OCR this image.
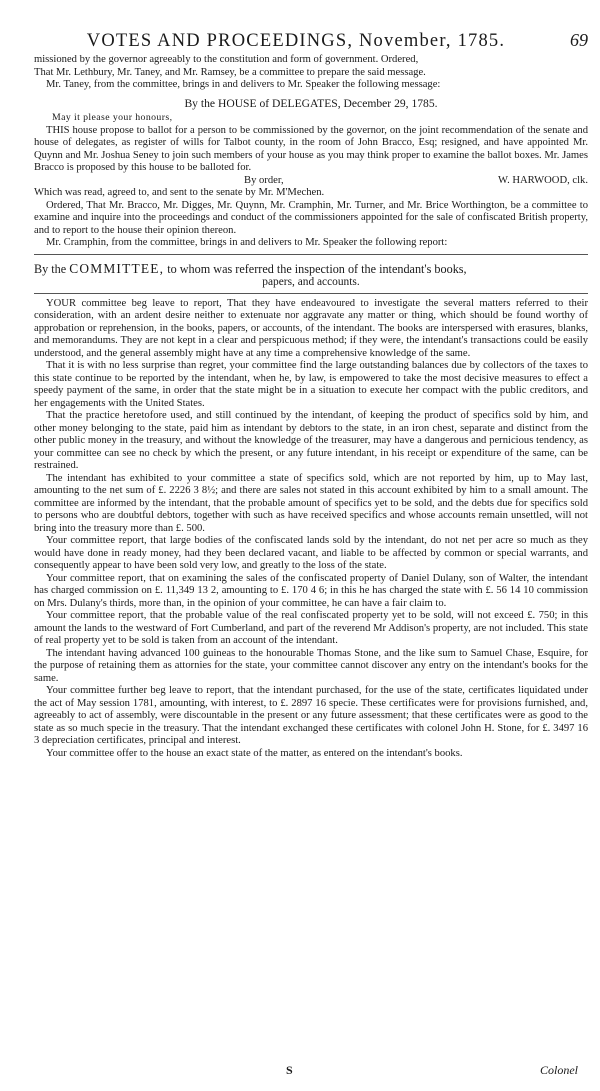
VOTES AND PROCEEDINGS, November, 1785.	69

missioned by the governor agreeably to the constitution and form of government. Ordered,

That Mr. Lethbury, Mr. Taney, and Mr. Ramsey, be a committee to prepare the said message.

Mr. Taney, from the committee, brings in and delivers to Mr. Speaker the following message:

By the HOUSE of DELEGATES, December 29, 1785.

May it please your honours,

THIS house propose to ballot for a person to be commissioned by the governor, on the joint recommendation of the senate and house of delegates, as register of wills for Talbot county, in the room of John Bracco, Esq; resigned, and have appointed Mr. Quynn and Mr. Joshua Seney to join such members of your house as you may think proper to examine the ballot boxes. Mr. James Bracco is proposed by this house to be balloted for.

By order,	W. HARWOOD, clk.

Which was read, agreed to, and sent to the senate by Mr. M'Mechen.

Ordered, That Mr. Bracco, Mr. Digges, Mr. Quynn, Mr. Cramphin, Mr. Turner, and Mr. Brice Worthington, be a committee to examine and inquire into the proceedings and conduct of the commissioners appointed for the sale of confiscated British property, and to report to the house their opinion thereon.

Mr. Cramphin, from the committee, brings in and delivers to Mr. Speaker the following report:

By the COMMITTEE, to whom was referred the inspection of the intendant's books,

papers, and accounts.

YOUR committee beg leave to report, That they have endeavoured to investigate the several matters referred to their consideration, with an ardent desire neither to extenuate nor aggravate any matter or thing, which should be found worthy of approbation or reprehension, in the books, papers, or accounts, of the intendant. The books are interspersed with erasures, blanks, and memorandums. They are not kept in a clear and perspicuous method; if they were, the intendant's transactions could be easily understood, and the general assembly might have at any time a comprehensive knowledge of the same.

That it is with no less surprise than regret, your committee find the large outstanding balances due by collectors of the taxes to this state continue to be reported by the intendant, when he, by law, is empowered to take the most decisive measures to effect a speedy payment of the same, in order that the state might be in a situation to execute her compact with the public creditors, and her engagements with the United States.

That the practice heretofore used, and still continued by the intendant, of keeping the product of specifics sold by him, and other money belonging to the state, paid him as intendant by debtors to the state, in an iron chest, separate and distinct from the other public money in the treasury, and without the knowledge of the treasurer, may have a dangerous and pernicious tendency, as your committee can see no check by which the present, or any future intendant, in his receipt or expenditure of the same, can be restrained.

The intendant has exhibited to your committee a state of specifics sold, which are not reported by him, up to May last, amounting to the net sum of £. 2226 3 8½; and there are sales not stated in this account exhibited by him to a small amount. The committee are informed by the intendant, that the probable amount of specifics yet to be sold, and the debts due for specifics sold to persons who are doubtful debtors, together with such as have received specifics and whose accounts remain unsettled, will not bring into the treasury more than £. 500.

Your committee report, that large bodies of the confiscated lands sold by the intendant, do not net per acre so much as they would have done in ready money, had they been declared vacant, and liable to be affected by common or special warrants, and consequently appear to have been sold very low, and greatly to the loss of the state.

Your committee report, that on examining the sales of the confiscated property of Daniel Dulany, son of Walter, the intendant has charged commission on £. 11,349 13 2, amounting to £. 170 4 6; in this he has charged the state with £. 56 14 10 commission on Mrs. Dulany's thirds, more than, in the opinion of your committee, he can have a fair claim to.

Your committee report, that the probable value of the real confiscated property yet to be sold, will not exceed £. 750; in this amount the lands to the westward of Fort Cumberland, and part of the reverend Mr Addison's property, are not included. This state of real property yet to be sold is taken from an account of the intendant.

The intendant having advanced 100 guineas to the honourable Thomas Stone, and the like sum to Samuel Chase, Esquire, for the purpose of retaining them as attornies for the state, your committee cannot discover any entry on the intendant's books for the same.

Your committee further beg leave to report, that the intendant purchased, for the use of the state, certificates liquidated under the act of May session 1781, amounting, with interest, to £. 2897 16 specie. These certificates were for provisions furnished, and, agreeably to act of assembly, were discountable in the present or any future assessment; that these certificates were as good to the state as so much specie in the treasury. That the intendant exchanged these certificates with colonel John H. Stone, for £. 3497 16 3 depreciation certificates, principal and interest.

Your committee offer to the house an exact state of the matter, as entered on the intendant's books.

S	Colonel
